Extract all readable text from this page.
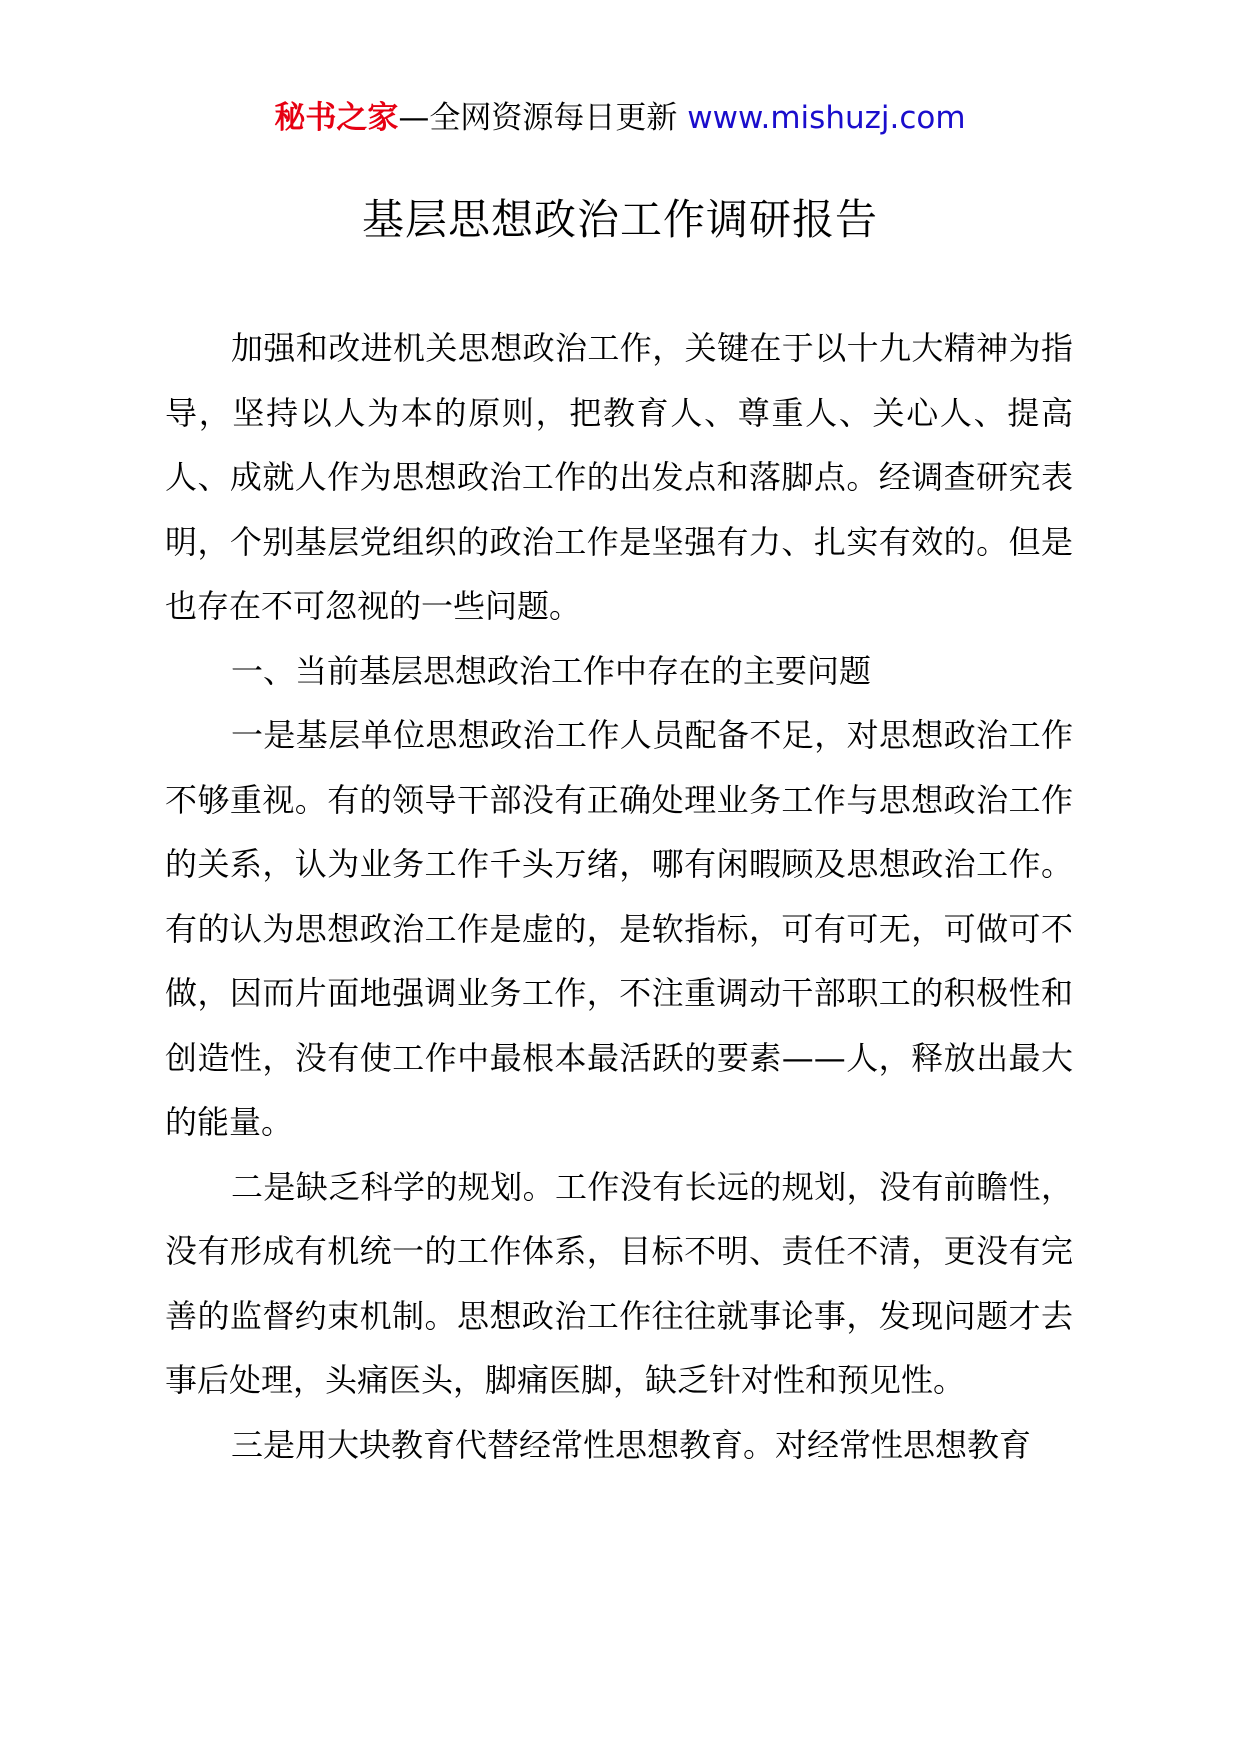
秘书之家—全网资源每日更新 www.mishuzj.com
基层思想政治工作调研报告

加强和改进机关思想政治工作，关键在于以十九大精神为指导，坚持以人为本的原则，把教育人、尊重人、关心人、提高人、成就人作为思想政治工作的出发点和落脚点。经调查研究表明，个别基层党组织的政治工作是坚强有力、扎实有效的。但是也存在不可忽视的一些问题。

一、当前基层思想政治工作中存在的主要问题

一是基层单位思想政治工作人员配备不足，对思想政治工作不够重视。有的领导干部没有正确处理业务工作与思想政治工作的关系，认为业务工作千头万绪，哪有闲暇顾及思想政治工作。有的认为思想政治工作是虚的，是软指标，可有可无，可做可不做，因而片面地强调业务工作，不注重调动干部职工的积极性和创造性，没有使工作中最根本最活跃的要素——人，释放出最大的能量。

二是缺乏科学的规划。工作没有长远的规划，没有前瞻性，没有形成有机统一的工作体系，目标不明、责任不清，更没有完善的监督约束机制。思想政治工作往往就事论事，发现问题才去事后处理，头痛医头，脚痛医脚，缺乏针对性和预见性。

三是用大块教育代替经常性思想教育。对经常性思想教育
